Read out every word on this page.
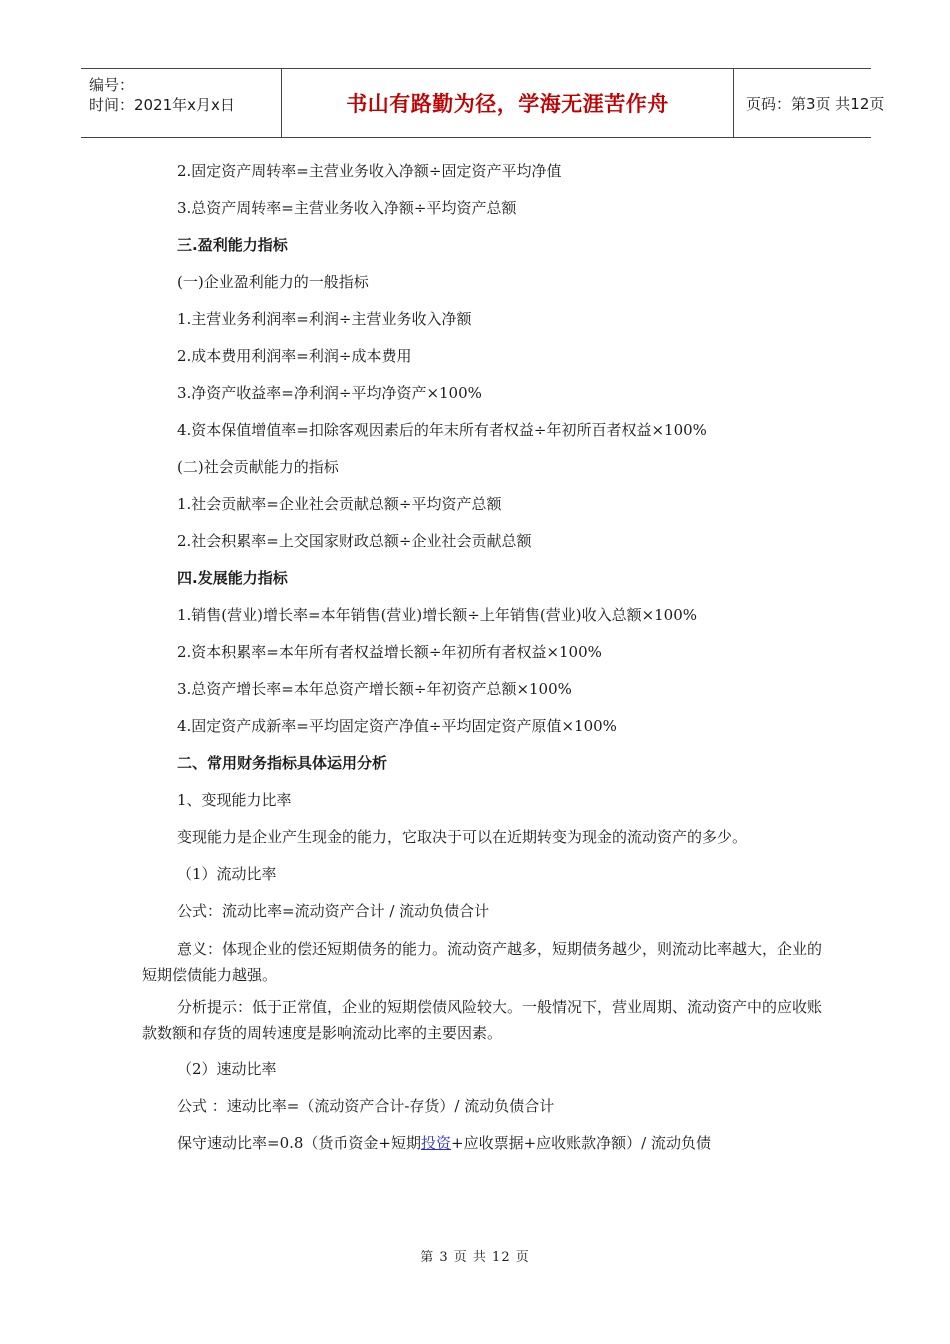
编号：
时间：2021年x月x日	书山有路勤为径，学海无涯苦作舟	页码：第3页 共12页
2.固定资产周转率=主营业务收入净额÷固定资产平均净值
3.总资产周转率=主营业务收入净额÷平均资产总额
三.盈利能力指标
(一)企业盈利能力的一般指标
1.主营业务利润率=利润÷主营业务收入净额
2.成本费用利润率=利润÷成本费用
3.净资产收益率=净利润÷平均净资产×100%
4.资本保值增值率=扣除客观因素后的年末所有者权益÷年初所百者权益×100%
(二)社会贡献能力的指标
1.社会贡献率=企业社会贡献总额÷平均资产总额
2.社会积累率=上交国家财政总额÷企业社会贡献总额
四.发展能力指标
1.销售(营业)增长率=本年销售(营业)增长额÷上年销售(营业)收入总额×100%
2.资本积累率=本年所有者权益增长额÷年初所有者权益×100%
3.总资产增长率=本年总资产增长额÷年初资产总额×100%
4.固定资产成新率=平均固定资产净值÷平均固定资产原值×100%
二、常用财务指标具体运用分析
1、变现能力比率
变现能力是企业产生现金的能力，它取决于可以在近期转变为现金的流动资产的多少。
（1）流动比率
公式：流动比率=流动资产合计 / 流动负债合计
意义：体现企业的偿还短期债务的能力。流动资产越多，短期债务越少，则流动比率越大，企业的短期偿债能力越强。
分析提示：低于正常值，企业的短期偿债风险较大。一般情况下，营业周期、流动资产中的应收账款数额和存货的周转速度是影响流动比率的主要因素。
（2）速动比率
公式 ：速动比率=（流动资产合计-存货）/ 流动负债合计
保守速动比率=0.8（货币资金+短期投资+应收票据+应收账款净额）/ 流动负债
第 3 页 共 12 页
